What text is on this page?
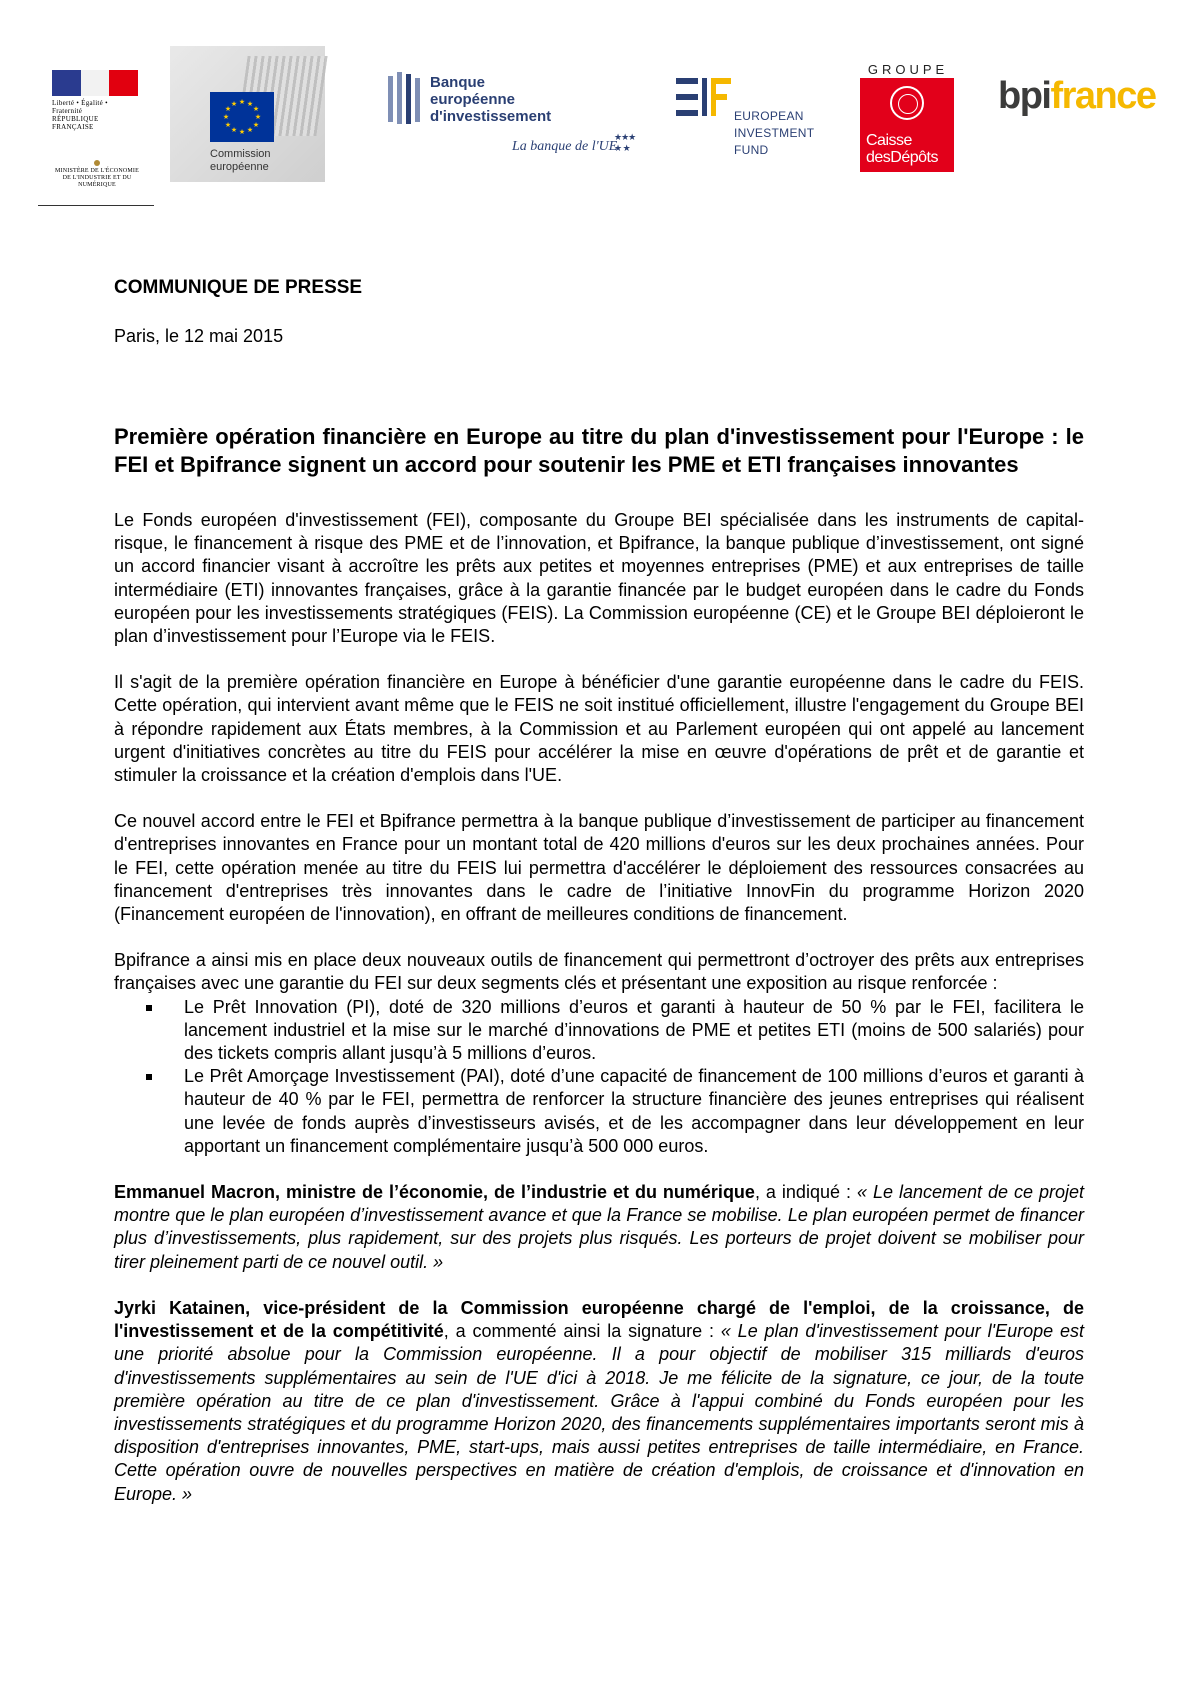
Liberté • Égalité • Fraternité
RÉPUBLIQUE FRANÇAISE
MINISTÈRE DE L'ÉCONOMIE
DE L'INDUSTRIE ET DU NUMÉRIQUE
★ ★
★
★
★
★
★
★
★
★
★
★
Commission
européenne
Banque
européenne
d'investissement
La banque de l'UE
★★★
★ ★
EUROPEAN
INVESTMENT
FUND
GROUPE
Caisse
desDépôts
bpifrance

COMMUNIQUE DE PRESSE

Paris, le 12 mai 2015

Première opération financière en Europe au titre du plan d'investissement pour l'Europe : le FEI et Bpifrance signent un accord pour soutenir les PME et ETI françaises innovantes

Le Fonds européen d'investissement (FEI), composante du Groupe BEI spécialisée dans les instruments de capital-risque, le financement à risque des PME et de l’innovation, et Bpifrance, la banque publique d’investissement, ont signé un accord financier visant à accroître les prêts aux petites et moyennes entreprises (PME) et aux entreprises de taille intermédiaire (ETI) innovantes françaises, grâce à la garantie financée par le budget européen dans le cadre du Fonds européen pour les investissements stratégiques (FEIS). La Commission européenne (CE) et le Groupe BEI déploieront le plan d’investissement pour l’Europe via le FEIS.

Il s'agit de la première opération financière en Europe à bénéficier d'une garantie européenne dans le cadre du FEIS. Cette opération, qui intervient avant même que le FEIS ne soit institué officiellement, illustre l'engagement du Groupe BEI à répondre rapidement aux États membres, à la Commission et au Parlement européen qui ont appelé au lancement urgent d'initiatives concrètes au titre du FEIS pour accélérer la mise en œuvre d'opérations de prêt et de garantie et stimuler la croissance et la création d'emplois dans l'UE.

Ce nouvel accord entre le FEI et Bpifrance permettra à la banque publique d’investissement de participer au financement d'entreprises innovantes en France pour un montant total de 420 millions d'euros sur les deux prochaines années. Pour le FEI, cette opération menée au titre du FEIS lui permettra d'accélérer le déploiement des ressources consacrées au financement d'entreprises très innovantes dans le cadre de l’initiative InnovFin du programme Horizon 2020 (Financement européen de l'innovation), en offrant de meilleures conditions de financement.

Bpifrance a ainsi mis en place deux nouveaux outils de financement qui permettront d’octroyer des prêts aux entreprises françaises avec une garantie du FEI sur deux segments clés et présentant une exposition au risque renforcée :

Le Prêt Innovation (PI), doté de 320 millions d’euros et garanti à hauteur de 50 % par le FEI, facilitera le lancement industriel et la mise sur le marché d’innovations de PME et petites ETI (moins de 500 salariés) pour des tickets compris allant jusqu’à 5 millions d’euros.
Le Prêt Amorçage Investissement (PAI), doté d’une capacité de financement de 100 millions d’euros et garanti à hauteur de 40 % par le FEI, permettra de renforcer la structure financière des jeunes entreprises qui réalisent une levée de fonds auprès d’investisseurs avisés, et de les accompagner dans leur développement en leur apportant un financement complémentaire jusqu’à 500 000 euros.

Emmanuel Macron, ministre de l’économie, de l’industrie et du numérique, a indiqué : « Le lancement de ce projet montre que le plan européen d’investissement avance et que la France se mobilise. Le plan européen permet de financer plus d’investissements, plus rapidement, sur des projets plus risqués. Les porteurs de projet doivent se mobiliser pour tirer pleinement parti de ce nouvel outil. »

Jyrki Katainen, vice-président de la Commission européenne chargé de l'emploi, de la croissance, de l'investissement et de la compétitivité, a commenté ainsi la signature : « Le plan d'investissement pour l'Europe est une priorité absolue pour la Commission européenne. Il a pour objectif de mobiliser 315 milliards d'euros d'investissements supplémentaires au sein de l'UE d'ici à 2018. Je me félicite de la signature, ce jour, de la toute première opération au titre de ce plan d'investissement. Grâce à l'appui combiné du Fonds européen pour les investissements stratégiques et du programme Horizon 2020, des financements supplémentaires importants seront mis à disposition d'entreprises innovantes, PME, start-ups, mais aussi petites entreprises de taille intermédiaire, en France. Cette opération ouvre de nouvelles perspectives en matière de création d'emplois, de croissance et d'innovation en Europe. »
